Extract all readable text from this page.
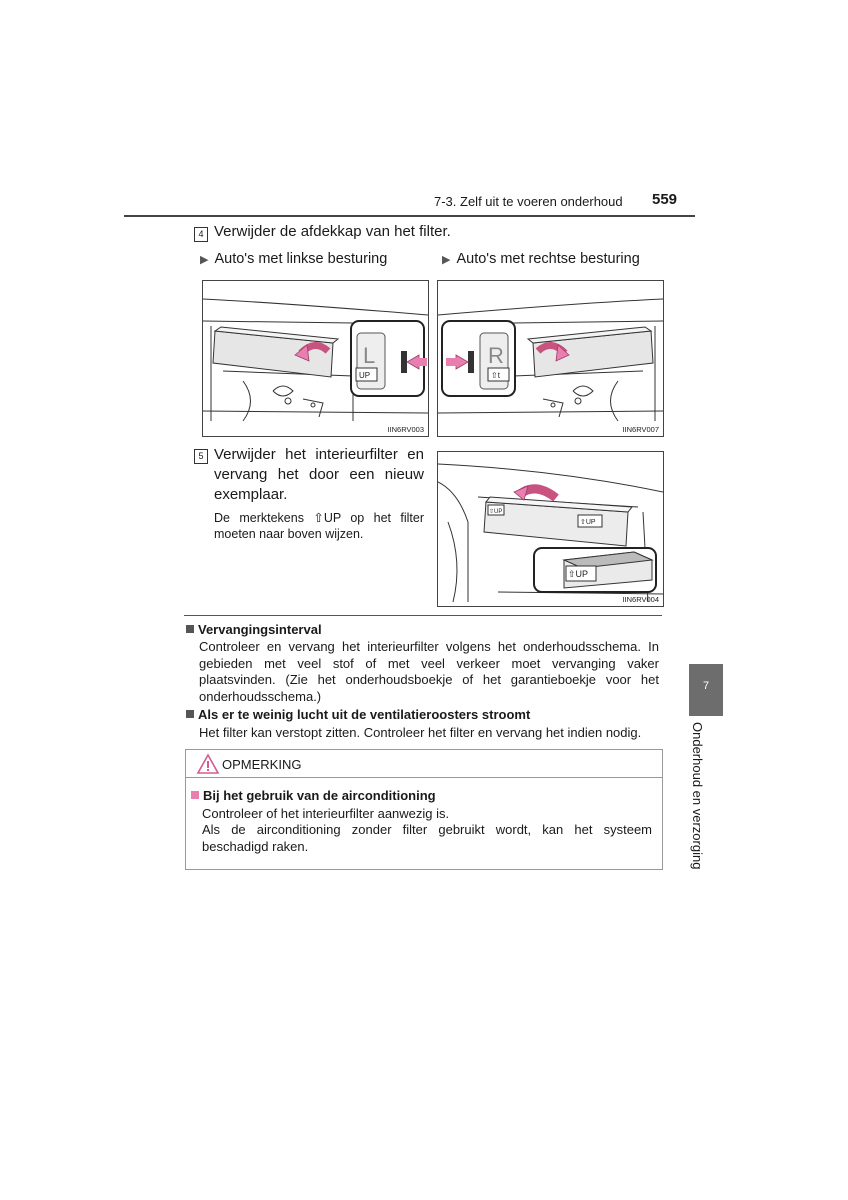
7-3. Zelf uit te voeren onderhoud 559
4 Verwijder de afdekkap van het filter.
▶ Auto's met linkse besturing	▶ Auto's met rechtse besturing
L
UP
IIN6RV003
R
⇧t
IIN6RV007
5 Verwijder het interieurfilter en vervang het door een nieuw exemplaar.
De merktekens ⇧UP op het filter moeten naar boven wijzen.
⇧UP
⇧UP
⇧UP
IIN6RV004
Vervangingsinterval
Controleer en vervang het interieurfilter volgens het onderhoudsschema. In gebieden met veel stof of met veel verkeer moet vervanging vaker plaatsvinden. (Zie het onderhoudsboekje of het garantieboekje voor het onderhoudsschema.)
Als er te weinig lucht uit de ventilatieroosters stroomt
Het filter kan verstopt zitten. Controleer het filter en vervang het indien nodig.
OPMERKING
Bij het gebruik van de airconditioning
Controleer of het interieurfilter aanwezig is.
Als de airconditioning zonder filter gebruikt wordt, kan het systeem beschadigd raken.
7
Onderhoud en verzorging
